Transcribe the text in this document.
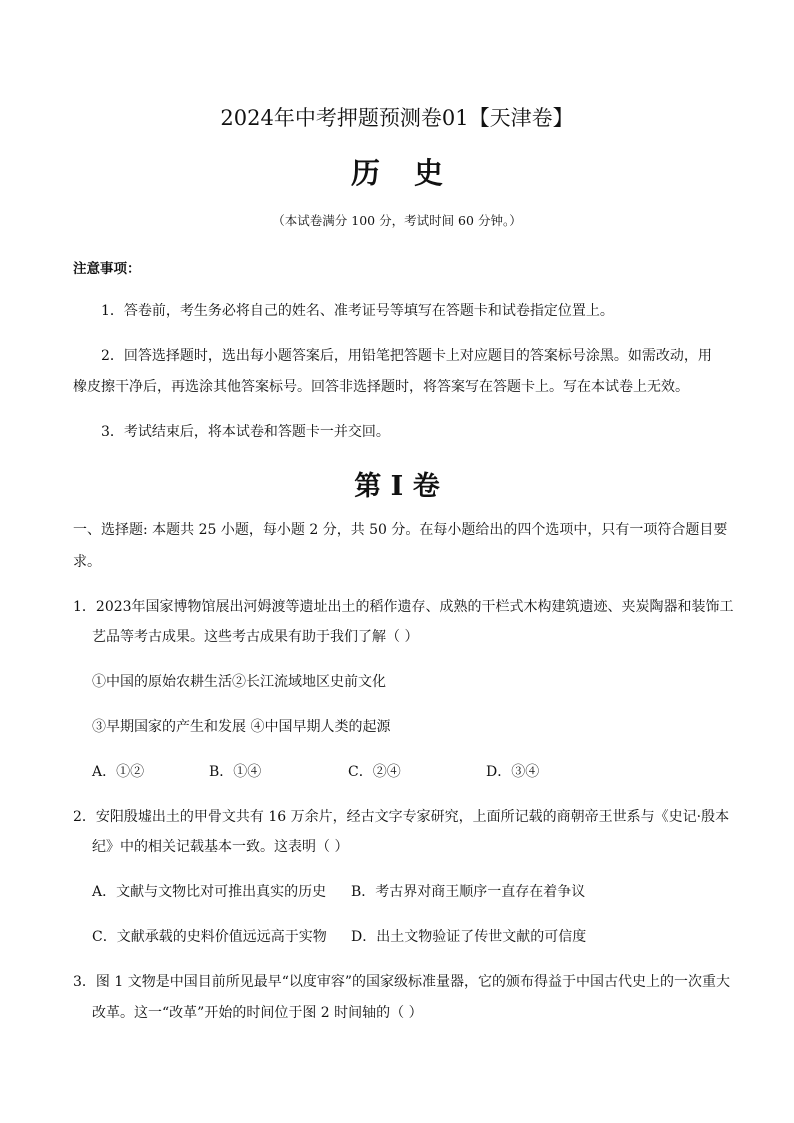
2024年中考押题预测卷01【天津卷】
历 史
（本试卷满分 100 分，考试时间 60 分钟。）
注意事项：
1．答卷前，考生务必将自己的姓名、准考证号等填写在答题卡和试卷指定位置上。
2．回答选择题时，选出每小题答案后，用铅笔把答题卡上对应题目的答案标号涂黑。如需改动，用
橡皮擦干净后，再选涂其他答案标号。回答非选择题时，将答案写在答题卡上。写在本试卷上无效。
3．考试结束后，将本试卷和答题卡一并交回。
第 I 卷
一、选择题: 本题共 25 小题，每小题 2 分，共 50 分。在每小题给出的四个选项中，只有一项符合题目要
求。
1．2023年国家博物馆展出河姆渡等遗址出土的稻作遗存、成熟的干栏式木构建筑遗迹、夹炭陶器和装饰工
艺品等考古成果。这些考古成果有助于我们了解（ ）
①中国的原始农耕生活②长江流域地区史前文化
③早期国家的产生和发展 ④中国早期人类的起源
A．①②	B．①④	C．②④	D．③④
2．安阳殷墟出土的甲骨文共有 16 万余片，经古文字专家研究，上面所记载的商朝帝王世系与《史记·殷本
纪》中的相关记载基本一致。这表明（ ）
A．文献与文物比对可推出真实的历史 B．考古界对商王顺序一直存在着争议
C．文献承载的史料价值远远高于实物 D．出土文物验证了传世文献的可信度
3．图 1 文物是中国目前所见最早“以度审容”的国家级标准量器，它的颁布得益于中国古代史上的一次重大
改革。这一“改革”开始的时间位于图 2 时间轴的（ ）
